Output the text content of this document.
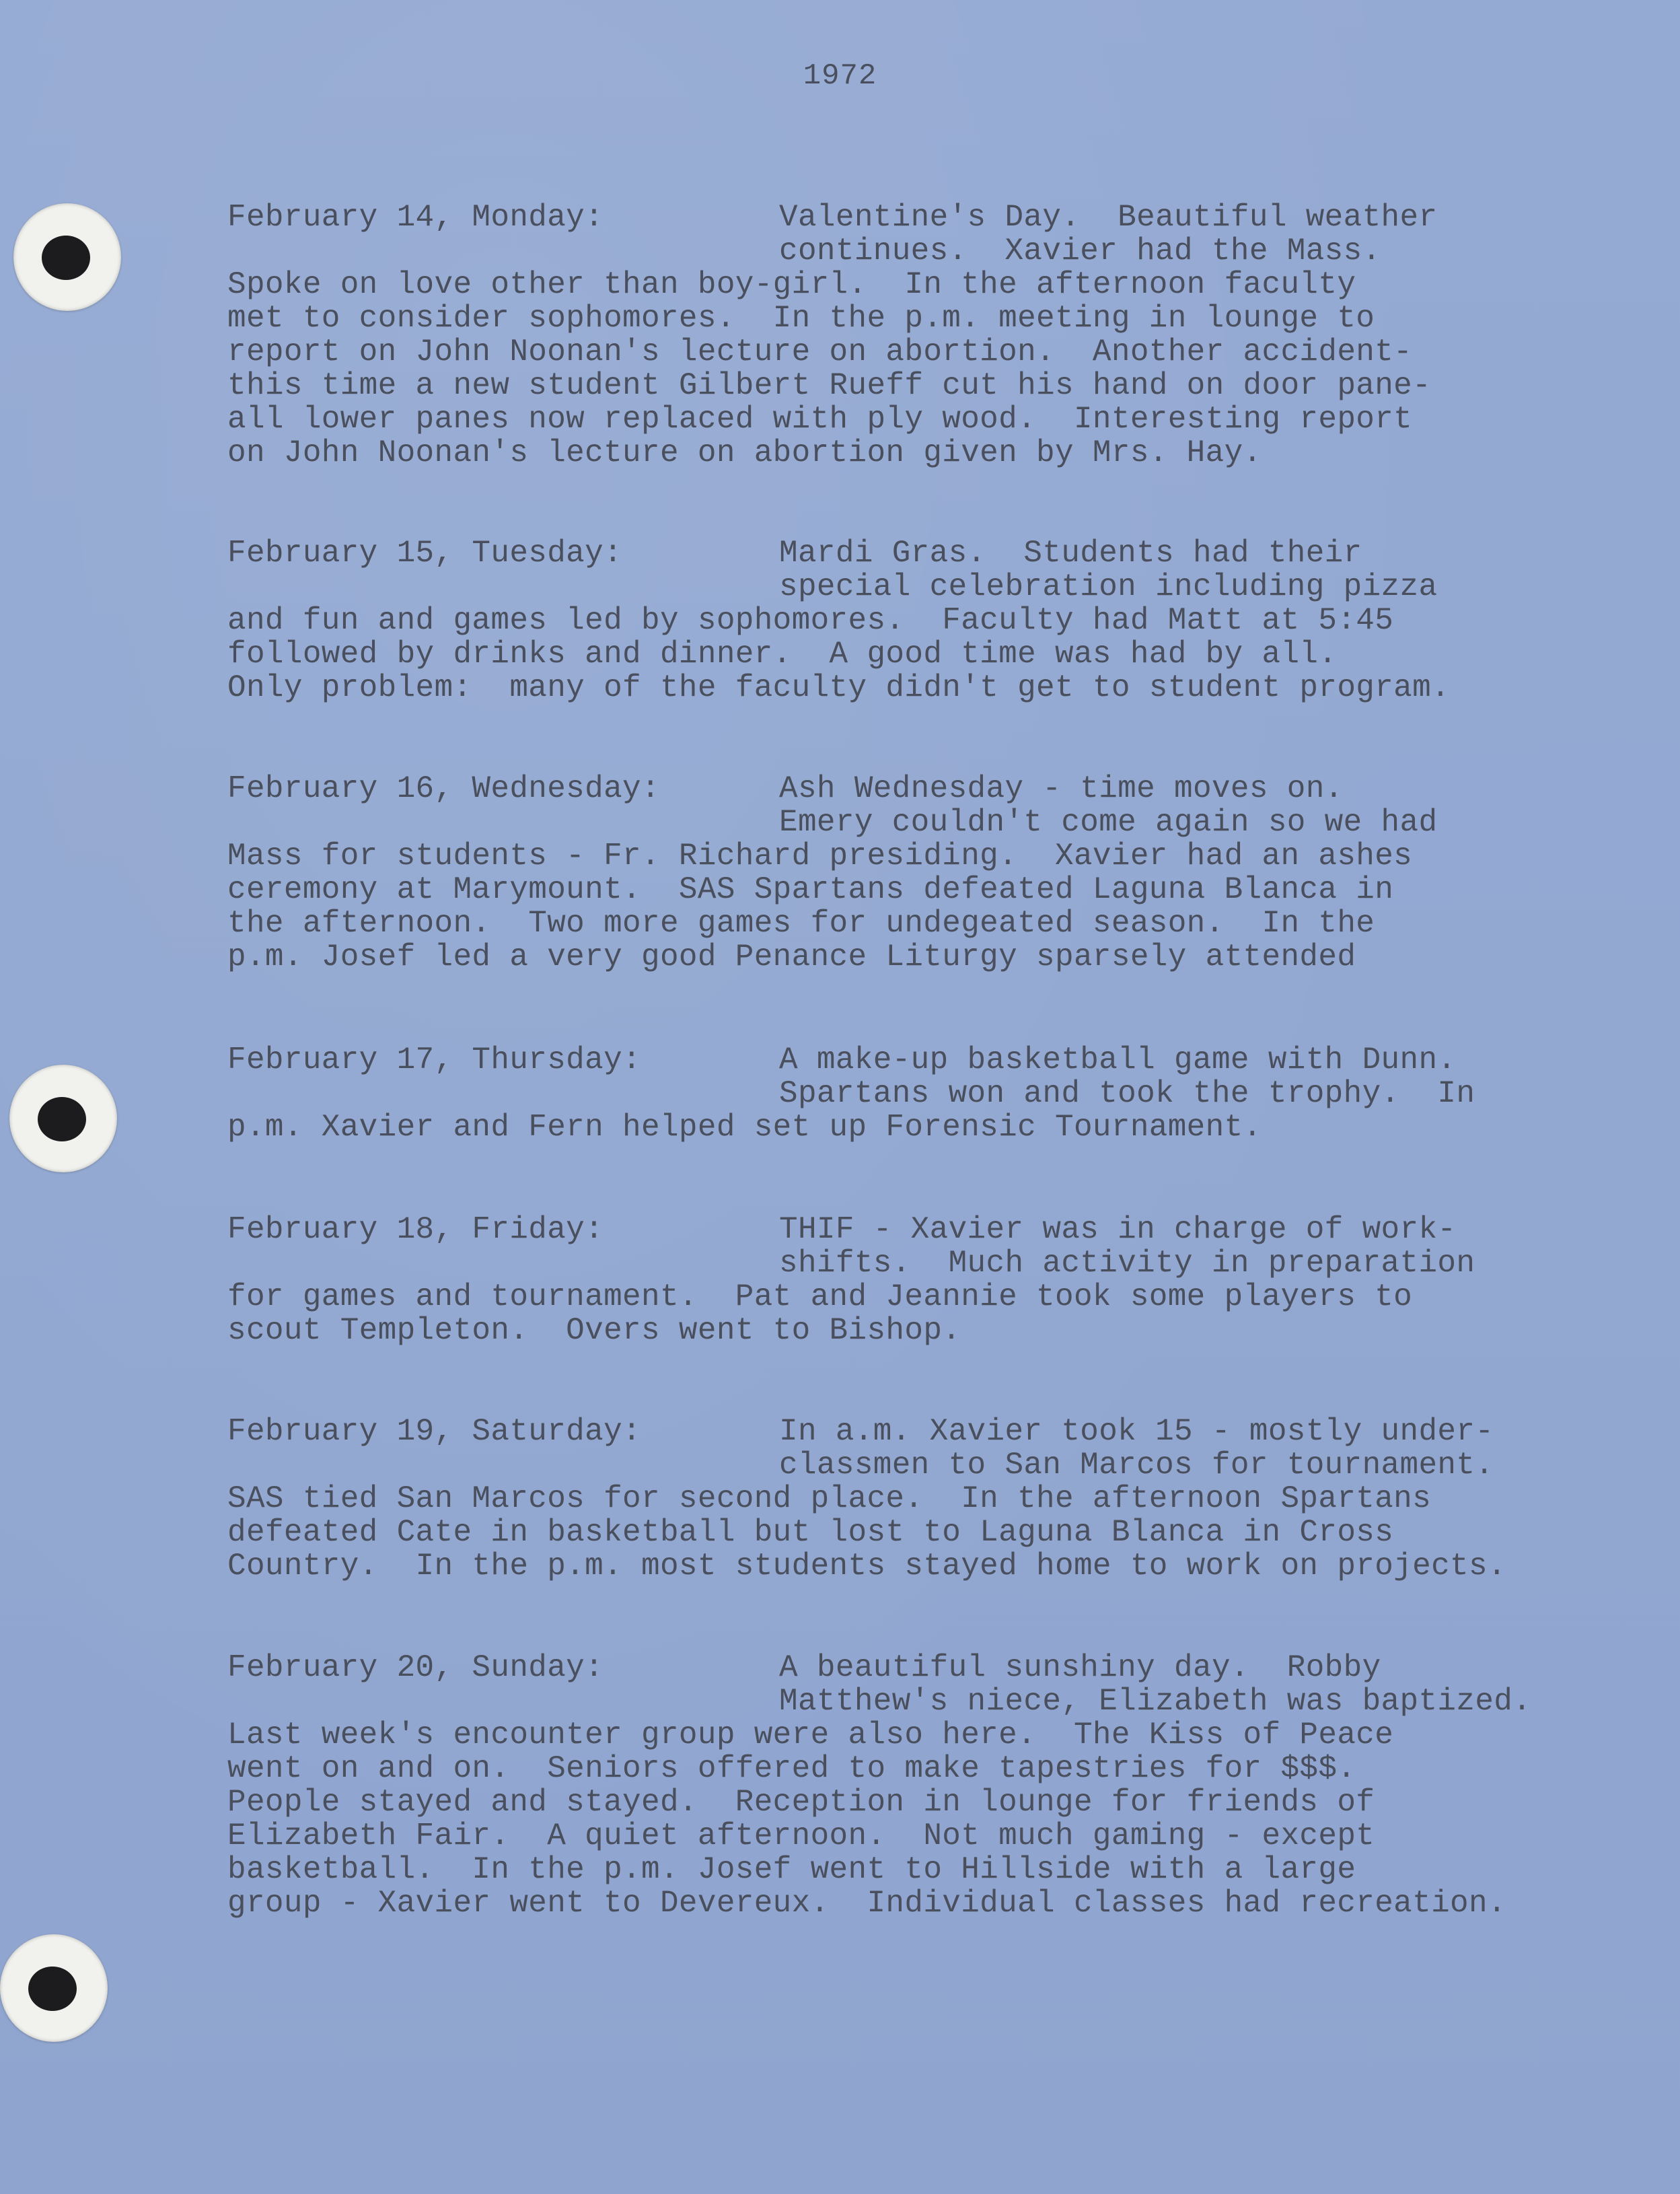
1972

February 14, Monday:

	Valentine's Day.  Beautiful weather

continues.  Xavier had the Mass.
Spoke on love other than boy-girl.  In the afternoon faculty
met to consider sophomores.  In the p.m. meeting in lounge to
report on John Noonan's lecture on abortion.  Another accident-
this time a new student Gilbert Rueff cut his hand on door pane-
all lower panes now replaced with ply wood.  Interesting report
on John Noonan's lecture on abortion given by Mrs. Hay.

February 15, Tuesday:

	Mardi Gras.  Students had their

special celebration including pizza
and fun and games led by sophomores.  Faculty had Matt at 5:45
followed by drinks and dinner.  A good time was had by all.
Only problem:  many of the faculty didn't get to student program.

February 16, Wednesday:

	Ash Wednesday - time moves on.

Emery couldn't come again so we had
Mass for students - Fr. Richard presiding.  Xavier had an ashes
ceremony at Marymount.  SAS Spartans defeated Laguna Blanca in
the afternoon.  Two more games for undegeated season.  In the
p.m. Josef led a very good Penance Liturgy sparsely attended

February 17, Thursday:

	A make-up basketball game with Dunn.

Spartans won and took the trophy.  In
p.m. Xavier and Fern helped set up Forensic Tournament.

February 18, Friday:

	THIF - Xavier was in charge of work-

shifts.  Much activity in preparation
for games and tournament.  Pat and Jeannie took some players to
scout Templeton.  Overs went to Bishop.

February 19, Saturday:

	In a.m. Xavier took 15 - mostly under-

classmen to San Marcos for tournament.
SAS tied San Marcos for second place.  In the afternoon Spartans
defeated Cate in basketball but lost to Laguna Blanca in Cross
Country.  In the p.m. most students stayed home to work on projects.

February 20, Sunday:

	A beautiful sunshiny day.  Robby

Matthew's niece, Elizabeth was baptized.
Last week's encounter group were also here.  The Kiss of Peace
went on and on.  Seniors offered to make tapestries for $$$.
People stayed and stayed.  Reception in lounge for friends of
Elizabeth Fair.  A quiet afternoon.  Not much gaming - except
basketball.  In the p.m. Josef went to Hillside with a large
group - Xavier went to Devereux.  Individual classes had recreation.
